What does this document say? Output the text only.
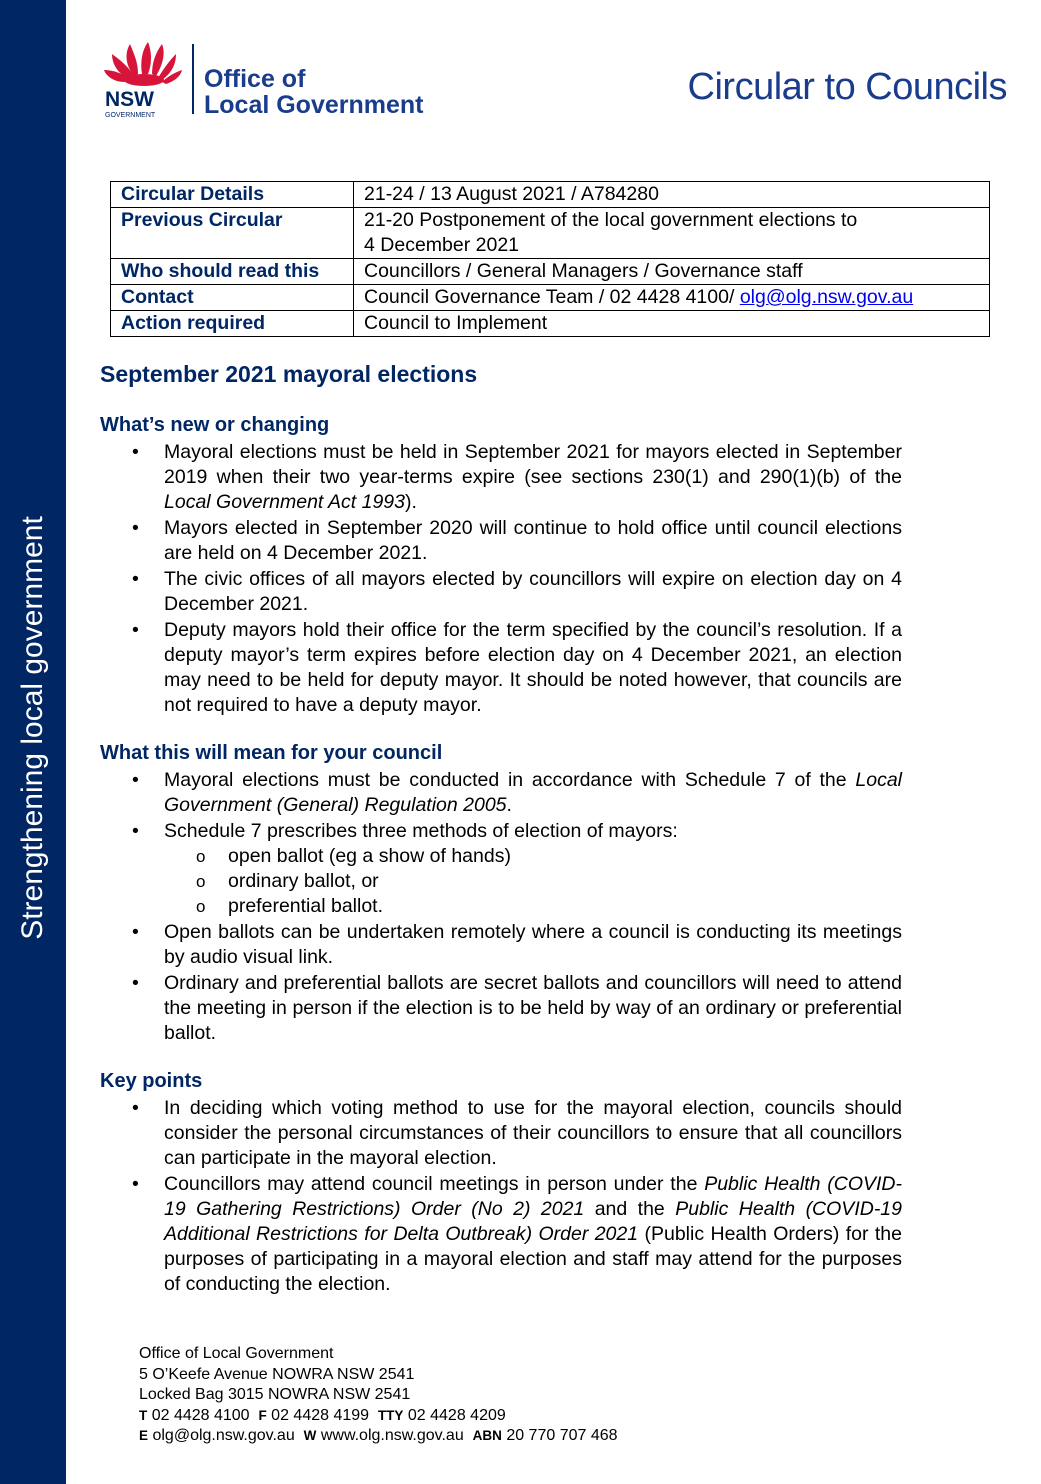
Strengthening local government
NSW
GOVERNMENT
Office of
Local Government	Circular to Councils
Circular Details	21-24 / 13 August 2021 / A784280
Previous Circular	21-20 Postponement of the local government elections to
4 December 2021
Who should read this	Councillors / General Managers / Governance staff
Contact	Council Governance Team / 02 4428 4100/ olg@olg.nsw.gov.au
Action required	Council to Implement
September 2021 mayoral elections
What’s new or changing
• Mayoral elections must be held in September 2021 for mayors elected in September 2019 when their two year-terms expire (see sections 230(1) and 290(1)(b) of the Local Government Act 1993).
• Mayors elected in September 2020 will continue to hold office until council elections are held on 4 December 2021.
• The civic offices of all mayors elected by councillors will expire on election day on 4 December 2021.
• Deputy mayors hold their office for the term specified by the council’s resolution. If a deputy mayor’s term expires before election day on 4 December 2021, an election may need to be held for deputy mayor. It should be noted however, that councils are not required to have a deputy mayor.
What this will mean for your council
• Mayoral elections must be conducted in accordance with Schedule 7 of the Local Government (General) Regulation 2005.
• Schedule 7 prescribes three methods of election of mayors:
o open ballot (eg a show of hands)
o ordinary ballot, or
o preferential ballot.
• Open ballots can be undertaken remotely where a council is conducting its meetings by audio visual link.
• Ordinary and preferential ballots are secret ballots and councillors will need to attend the meeting in person if the election is to be held by way of an ordinary or preferential ballot.
Key points
• In deciding which voting method to use for the mayoral election, councils should consider the personal circumstances of their councillors to ensure that all councillors can participate in the mayoral election.
• Councillors may attend council meetings in person under the Public Health (COVID-19 Gathering Restrictions) Order (No 2) 2021 and the Public Health (COVID-19 Additional Restrictions for Delta Outbreak) Order 2021 (Public Health Orders) for the purposes of participating in a mayoral election and staff may attend for the purposes of conducting the election.
Office of Local Government
5 O’Keefe Avenue NOWRA NSW 2541
Locked Bag 3015 NOWRA NSW 2541
T 02 4428 4100 F 02 4428 4199 TTY 02 4428 4209
E olg@olg.nsw.gov.au W www.olg.nsw.gov.au ABN 20 770 707 468
